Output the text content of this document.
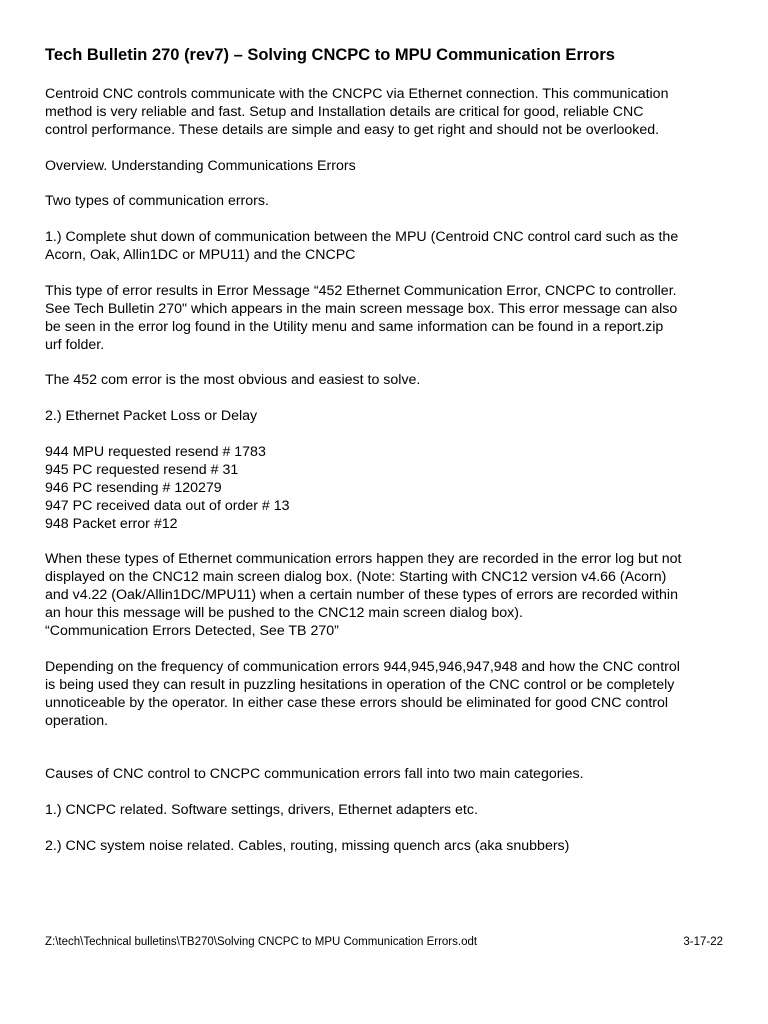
Tech Bulletin 270 (rev7) – Solving CNCPC to MPU Communication Errors
Centroid CNC controls communicate with the CNCPC via Ethernet connection. This communication
method is very reliable and fast. Setup and Installation details are critical for good, reliable CNC
control performance. These details are simple and easy to get right and should not be overlooked.
Overview. Understanding Communications Errors
Two types of communication errors.
1.) Complete shut down of communication between the MPU (Centroid CNC control card such as the
Acorn, Oak, Allin1DC or MPU11) and the CNCPC
This type of error results in Error Message “452 Ethernet Communication Error, CNCPC to controller.
See Tech Bulletin 270" which appears in the main screen message box. This error message can also
be seen in the error log found in the Utility menu and same information can be found in a report.zip
urf folder.
The 452 com error is the most obvious and easiest to solve.
2.) Ethernet Packet Loss or Delay
944 MPU requested resend # 1783
945 PC requested resend # 31
946 PC resending # 120279
947 PC received data out of order # 13
948 Packet error #12
When these types of Ethernet communication errors happen they are recorded in the error log but not
displayed on the CNC12 main screen dialog box. (Note: Starting with CNC12 version v4.66 (Acorn)
and v4.22 (Oak/Allin1DC/MPU11) when a certain number of these types of errors are recorded within
an hour this message will be pushed to the CNC12 main screen dialog box).
“Communication Errors Detected, See TB 270”
Depending on the frequency of communication errors 944,945,946,947,948 and how the CNC control
is being used they can result in puzzling hesitations in operation of the CNC control or be completely
unnoticeable by the operator. In either case these errors should be eliminated for good CNC control
operation.
Causes of CNC control to CNCPC communication errors fall into two main categories.
1.) CNCPC related. Software settings, drivers, Ethernet adapters etc.
2.) CNC system noise related. Cables, routing, missing quench arcs (aka snubbers)
Z:\tech\Technical bulletins\TB270\Solving CNCPC to MPU Communication Errors.odt	3-17-22
